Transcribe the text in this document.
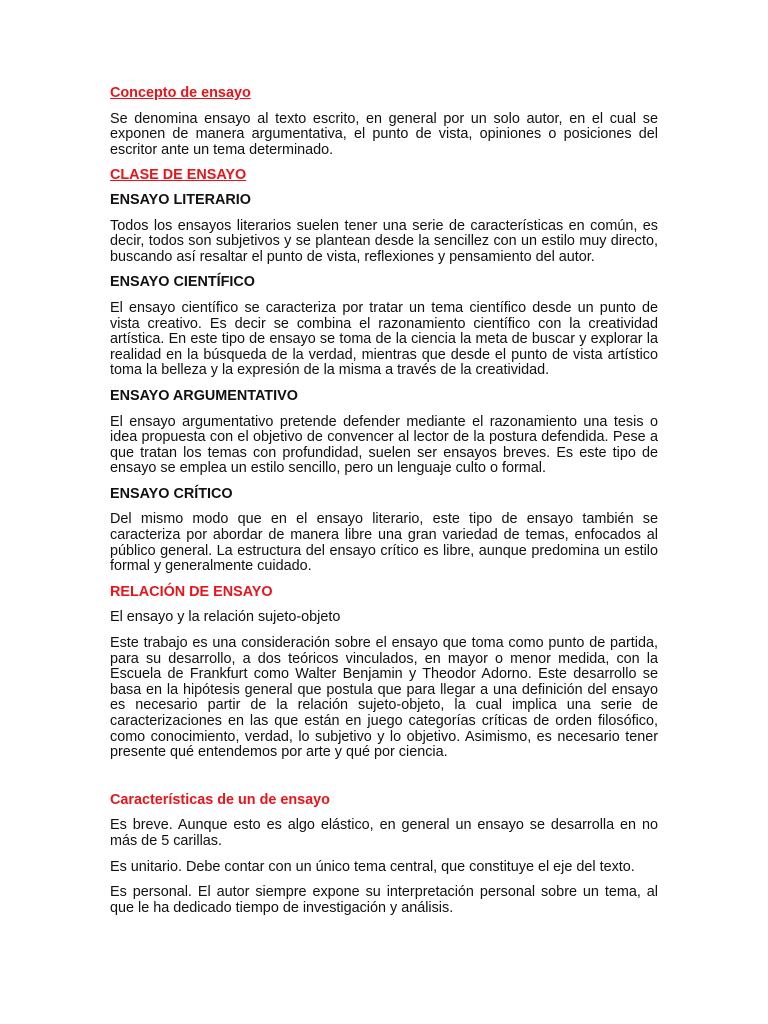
Concepto de ensayo

Se denomina ensayo al texto escrito, en general por un solo autor, en el cual se exponen de manera argumentativa, el punto de vista, opiniones o posiciones del escritor ante un tema determinado.

CLASE DE ENSAYO
ENSAYO LITERARIO

Todos los ensayos literarios suelen tener una serie de características en común, es decir, todos son subjetivos y se plantean desde la sencillez con un estilo muy directo, buscando así resaltar el punto de vista, reflexiones y pensamiento del autor.

ENSAYO CIENTÍFICO

El ensayo científico se caracteriza por tratar un tema científico desde un punto de vista creativo. Es decir se combina el razonamiento científico con la creatividad artística. En este tipo de ensayo se toma de la ciencia la meta de buscar y explorar la realidad en la búsqueda de la verdad, mientras que desde el punto de vista artístico toma la belleza y la expresión de la misma a través de la creatividad.

ENSAYO ARGUMENTATIVO

El ensayo argumentativo pretende defender mediante el razonamiento una tesis o idea propuesta con el objetivo de convencer al lector de la postura defendida. Pese a que tratan los temas con profundidad, suelen ser ensayos breves. Es este tipo de ensayo se emplea un estilo sencillo, pero un lenguaje culto o formal.

ENSAYO CRÍTICO

Del mismo modo que en el ensayo literario, este tipo de ensayo también se caracteriza por abordar de manera libre una gran variedad de temas, enfocados al público general. La estructura del ensayo crítico es libre, aunque predomina un estilo formal y generalmente cuidado.

RELACIÓN DE ENSAYO

El ensayo y la relación sujeto-objeto

Este trabajo es una consideración sobre el ensayo que toma como punto de partida, para su desarrollo, a dos teóricos vinculados, en mayor o menor medida, con la Escuela de Frankfurt como Walter Benjamin y Theodor Adorno. Este desarrollo se basa en la hipótesis general que postula que para llegar a una definición del ensayo es necesario partir de la relación sujeto-objeto, la cual implica una serie de caracterizaciones en las que están en juego categorías críticas de orden filosófico, como conocimiento, verdad, lo subjetivo y lo objetivo. Asimismo, es necesario tener presente qué entendemos por arte y qué por ciencia.

Características de un de ensayo

Es breve. Aunque esto es algo elástico, en general un ensayo se desarrolla en no más de 5 carillas.

Es unitario. Debe contar con un único tema central, que constituye el eje del texto.

Es personal. El autor siempre expone su interpretación personal sobre un tema, al que le ha dedicado tiempo de investigación y análisis.
